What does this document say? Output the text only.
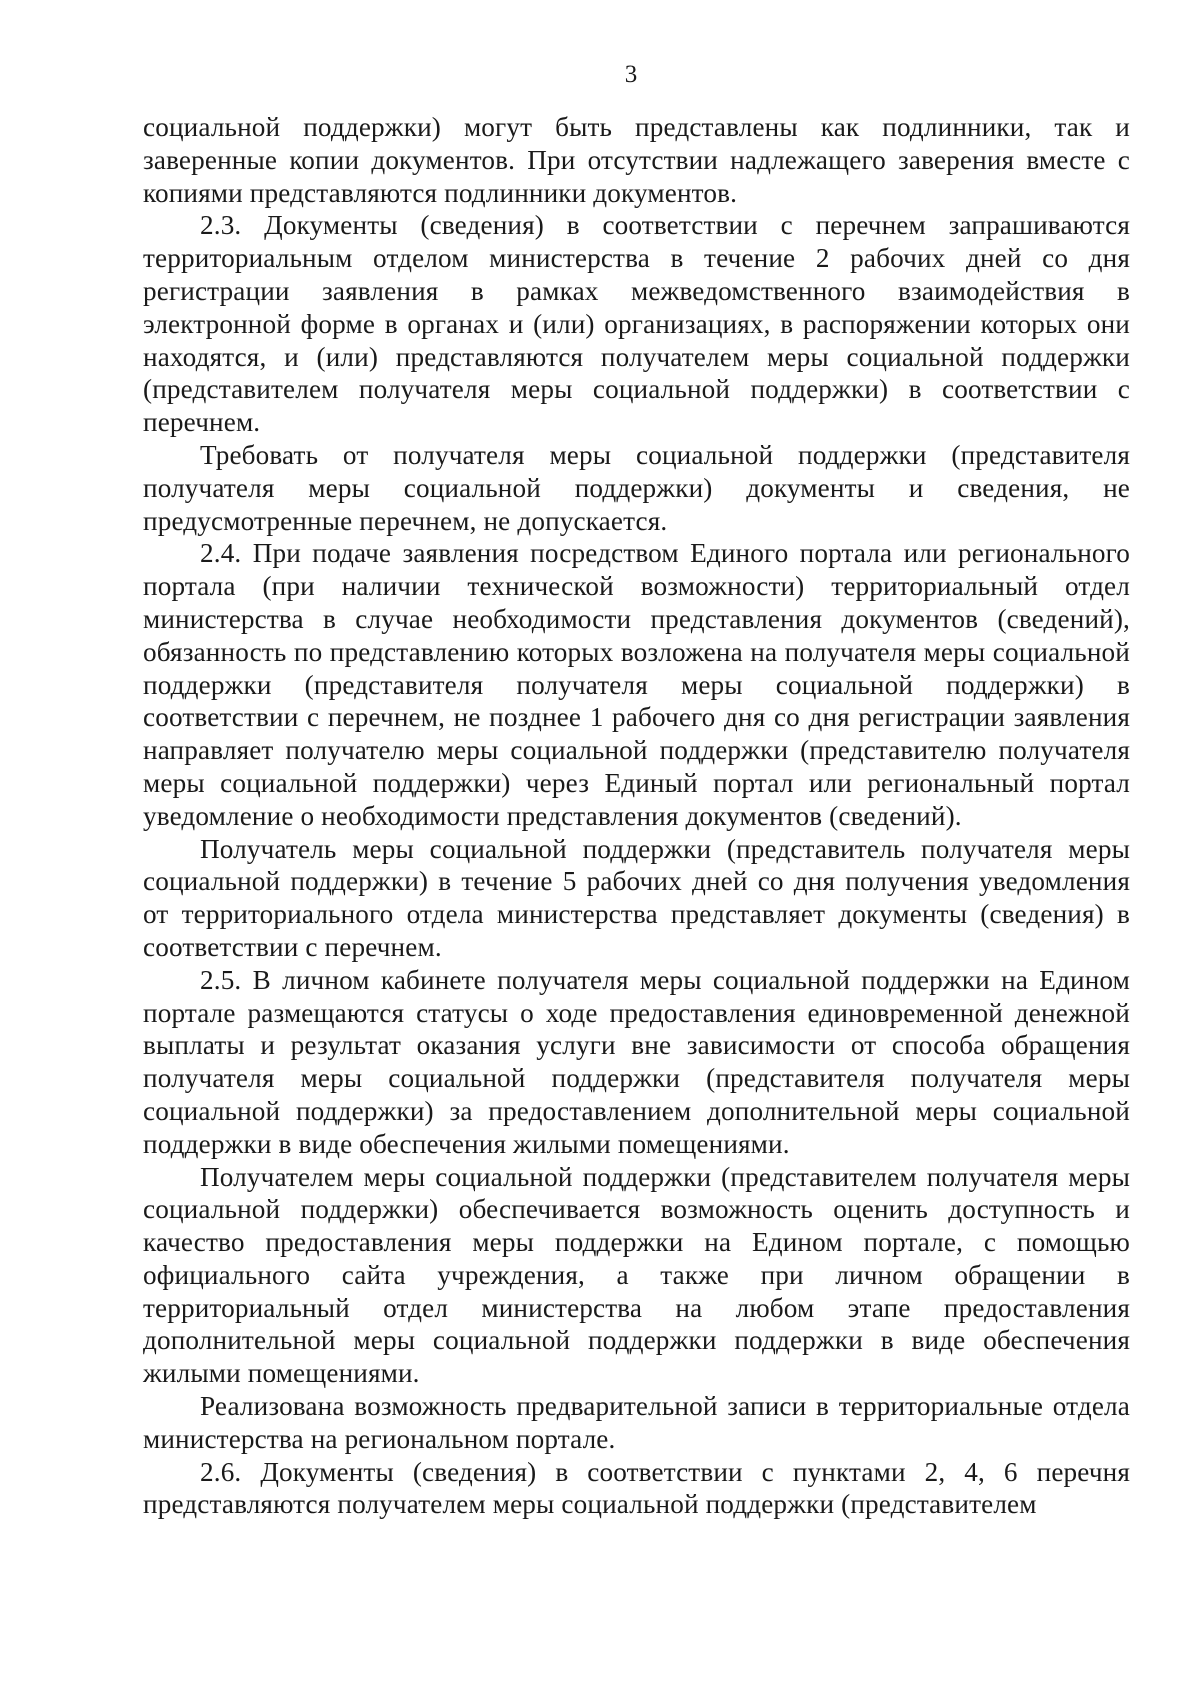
3

социальной поддержки) могут быть представлены как подлинники, так и заверенные копии документов. При отсутствии надлежащего заверения вместе с копиями представляются подлинники документов.

2.3. Документы (сведения) в соответствии с перечнем запрашиваются территориальным отделом министерства в течение 2 рабочих дней со дня регистрации заявления в рамках межведомственного взаимодействия в электронной форме в органах и (или) организациях, в распоряжении которых они находятся, и (или) представляются получателем меры социальной поддержки (представителем получателя меры социальной поддержки) в соответствии с перечнем.

Требовать от получателя меры социальной поддержки (представителя получателя меры социальной поддержки) документы и сведения, не предусмотренные перечнем, не допускается.

2.4. При подаче заявления посредством Единого портала или регионального портала (при наличии технической возможности) территориальный отдел министерства в случае необходимости представления документов (сведений), обязанность по представлению которых возложена на получателя меры социальной поддержки (представителя получателя меры социальной поддержки) в соответствии с перечнем, не позднее 1 рабочего дня со дня регистрации заявления направляет получателю меры социальной поддержки (представителю получателя меры социальной поддержки) через Единый портал или региональный портал уведомление о необходимости представления документов (сведений).

Получатель меры социальной поддержки (представитель получателя меры социальной поддержки) в течение 5 рабочих дней со дня получения уведомления от территориального отдела министерства представляет документы (сведения) в соответствии с перечнем.

2.5. В личном кабинете получателя меры социальной поддержки на Едином портале размещаются статусы о ходе предоставления единовременной денежной выплаты и результат оказания услуги вне зависимости от способа обращения получателя меры социальной поддержки (представителя получателя меры социальной поддержки) за предоставлением дополнительной меры социальной поддержки в виде обеспечения жилыми помещениями.

Получателем меры социальной поддержки (представителем получателя меры социальной поддержки) обеспечивается возможность оценить доступность и качество предоставления меры поддержки на Едином портале, с помощью официального сайта учреждения, а также при личном обращении в территориальный отдел министерства на любом этапе предоставления дополнительной меры социальной поддержки поддержки в виде обеспечения жилыми помещениями.

Реализована возможность предварительной записи в территориальные отдела министерства на региональном портале.

2.6. Документы (сведения) в соответствии с пунктами 2, 4, 6 перечня представляются получателем меры социальной поддержки (представителем
